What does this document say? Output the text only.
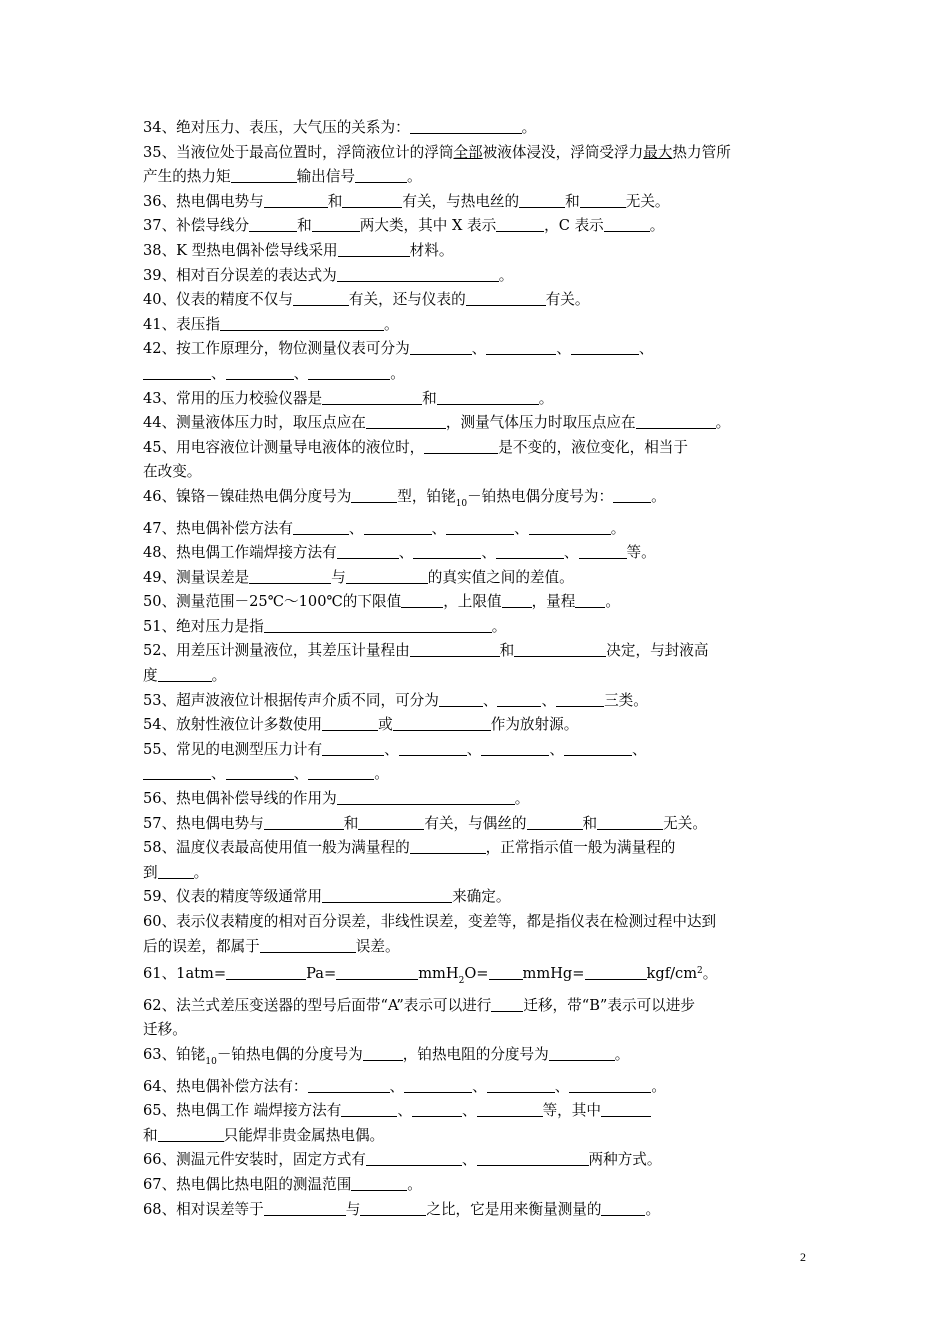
34、绝对压力、表压，大气压的关系为：	。
35、当液位处于最高位置时，浮筒液位计的浮筒全部被液体浸没，浮筒受浮力最大热力管所
产生的热力矩	输出信号	。
36、热电偶电势与	和	有关，与热电丝的	和	无关。
37、补偿导线分	和	两大类，其中 X 表示	，C 表示	。
38、K 型热电偶补偿导线采用	材料。
39、相对百分误差的表达式为	。
40、仪表的精度不仅与	有关，还与仪表的	有关。
41、表压指	。
42、按工作原理分，物位测量仪表可分为	、	、	、
、	、	。
43、常用的压力校验仪器是	和	。
44、测量液体压力时，取压点应在	，测量气体压力时取压点应在	。
45、用电容液位计测量导电液体的液位时，	是不变的，液位变化，相当于
在改变。
46、镍铬－镍硅热电偶分度号为	型，铂铑$_{10}$－铂热电偶分度号为：	。
47、热电偶补偿方法有	、	、	、	。
48、热电偶工作端焊接方法有	、	、	、	等。
49、测量误差是	与	的真实值之间的差值。
50、测量范围－25℃～100℃的下限值	，上限值 ，量程 。
51、绝对压力是指	。
52、用差压计测量液位，其差压计量程由	和	决定，与封液高
度	。
53、超声波液位计根据传声介质不同，可分为	、	、	三类。
54、放射性液位计多数使用	或	作为放射源。
55、常见的电测型压力计有	、	、	、	、
、	、	。
56、热电偶补偿导线的作用为	。
57、热电偶电势与	和	有关，与偶丝的	和	无关。
58、温度仪表最高使用值一般为满量程的	，正常指示值一般为满量程的
到 。
59、仪表的精度等级通常用	来确定。
60、表示仪表精度的相对百分误差，非线性误差，变差等，都是指仪表在检测过程中达到
后的误差，都属于	误差。
61、1atm=	Pa=	mmH$_2$O= mmHg=	kgf/$cm^2$。
62、法兰式差压变送器的型号后面带“A”表示可以进行 迁移，带“B”表示可以进步
迁移。
63、铂铑$_{10}$－铂热电偶的分度号为	，铂热电阻的分度号为	。
64、热电偶补偿方法有：	、	、	、	。
65、热电偶工作 端焊接方法有	、	、	等，其中
和	只能焊非贵金属热电偶。
66、测温元件安装时，固定方式有	、	两种方式。
67、热电偶比热电阻的测温范围	。
68、相对误差等于	与	之比，它是用来衡量测量的	。
2
